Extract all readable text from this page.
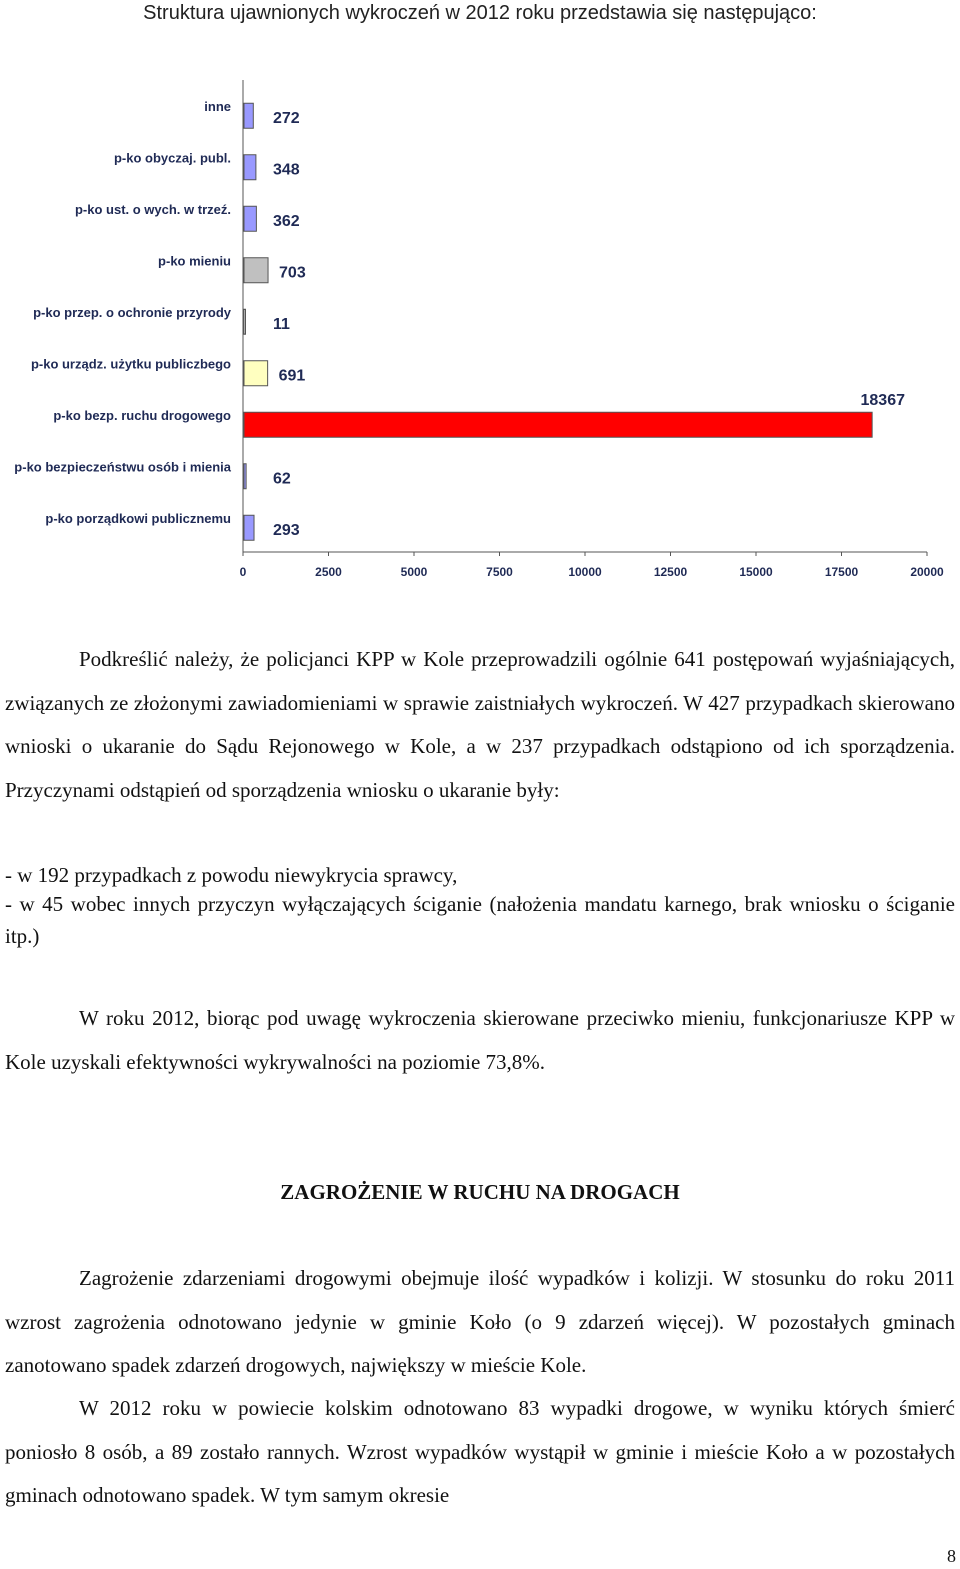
Struktura ujawnionych wykroczeń w 2012 roku przedstawia się następująco:
inne
272
p-ko obyczaj. publ.
348
p-ko ust. o wych. w trzeź.
362
p-ko mieniu
703
p-ko przep. o ochronie przyrody
11
p-ko urządz. użytku publiczbego
691
p-ko bezp. ruchu drogowego
18367
p-ko bezpieczeństwu osób i mienia
62
p-ko porządkowi publicznemu
293
0	2500	5000	7500	10000	12500	15000	17500	20000

Podkreślić należy, że policjanci KPP w Kole przeprowadzili ogólnie 641 postępowań wyjaśniających, związanych ze złożonymi zawiadomieniami w sprawie zaistniałych wykroczeń. W 427 przypadkach skierowano wnioski o ukaranie do Sądu Rejonowego w Kole, a w 237 przypadkach odstąpiono od ich sporządzenia. Przyczynami odstąpień od sporządzenia wniosku o ukaranie były:

- w 192 przypadkach z powodu niewykrycia sprawcy,

- w 45 wobec innych przyczyn wyłączających ściganie (nałożenia mandatu karnego, brak wniosku o ściganie itp.)

W roku 2012, biorąc pod uwagę wykroczenia skierowane przeciwko mieniu, funkcjonariusze KPP w Kole uzyskali efektywności wykrywalności na poziomie 73,8%.

ZAGROŻENIE W RUCHU NA DROGACH

Zagrożenie zdarzeniami drogowymi obejmuje ilość wypadków i kolizji. W stosunku do roku 2011 wzrost zagrożenia odnotowano jedynie w gminie Koło (o 9 zdarzeń więcej). W pozostałych gminach zanotowano spadek zdarzeń drogowych, największy w mieście Kole.

W 2012 roku w powiecie kolskim odnotowano 83 wypadki drogowe, w wyniku których śmierć poniosło 8 osób, a 89 zostało rannych. Wzrost wypadków wystąpił w gminie i mieście Koło a w pozostałych gminach odnotowano spadek. W tym samym okresie

8
